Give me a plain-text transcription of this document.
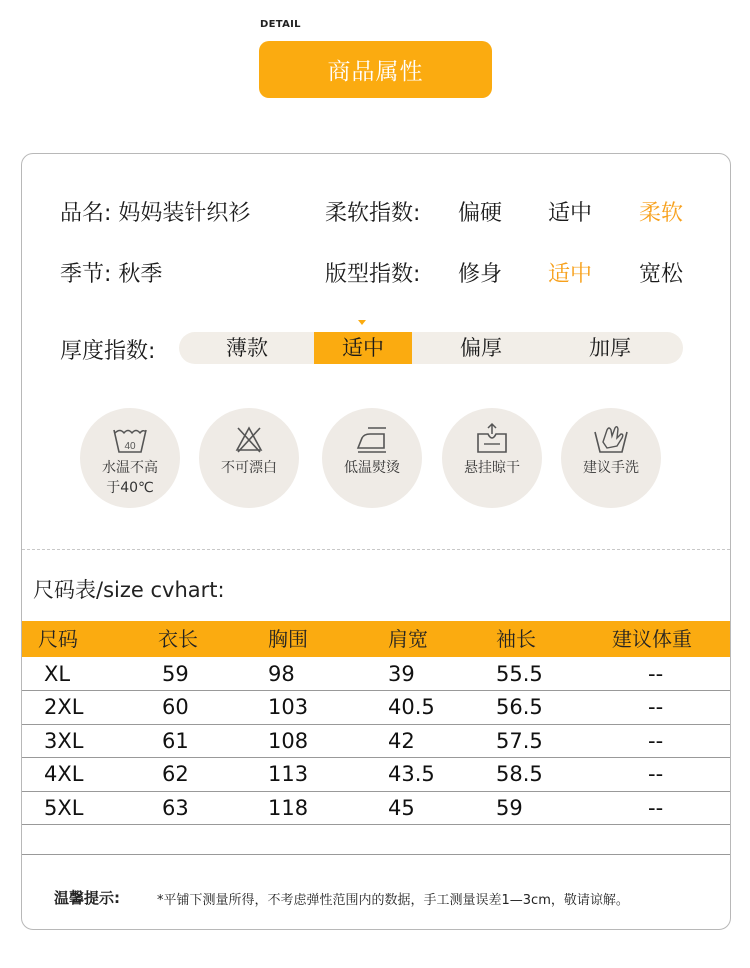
DETAIL
商品属性
品名: 妈妈装针织衫	柔软指数: 偏硬 适中 柔软
季节: 秋季	版型指数: 修身 适中 宽松
厚度指数:	薄款	适中	偏厚	加厚
40
水温不高
于40℃
不可漂白	低温熨烫	悬挂晾干	建议手洗
尺码表/size cvhart:
尺码	衣长	胸围	肩宽	袖长	建议体重
XL	59	98	39	55.5	--
2XL	60	103	40.5	56.5	--
3XL	61	108	42	57.5	--
4XL	62	113	43.5	58.5	--
5XL	63	118	45	59	--
温馨提示:	*平铺下测量所得，不考虑弹性范围内的数据，手工测量误差1—3cm，敬请谅解。
